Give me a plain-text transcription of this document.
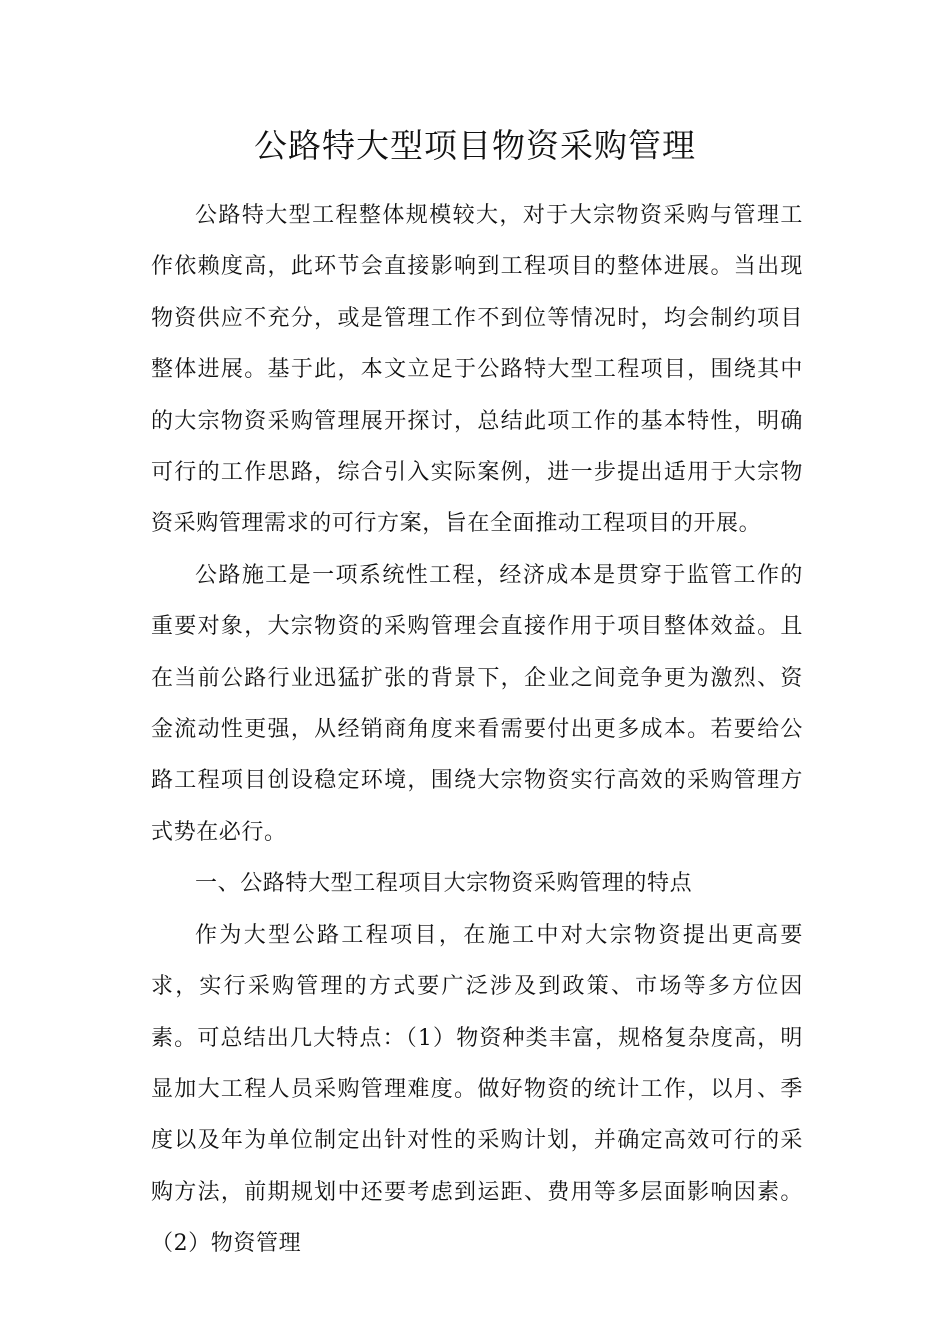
公路特大型项目物资采购管理

公路特大型工程整体规模较大，对于大宗物资采购与管理工作依赖度高，此环节会直接影响到工程项目的整体进展。当出现物资供应不充分，或是管理工作不到位等情况时，均会制约项目整体进展。基于此，本文立足于公路特大型工程项目，围绕其中的大宗物资采购管理展开探讨，总结此项工作的基本特性，明确可行的工作思路，综合引入实际案例，进一步提出适用于大宗物资采购管理需求的可行方案，旨在全面推动工程项目的开展。

公路施工是一项系统性工程，经济成本是贯穿于监管工作的重要对象，大宗物资的采购管理会直接作用于项目整体效益。且在当前公路行业迅猛扩张的背景下，企业之间竞争更为激烈、资金流动性更强，从经销商角度来看需要付出更多成本。若要给公路工程项目创设稳定环境，围绕大宗物资实行高效的采购管理方式势在必行。

一、公路特大型工程项目大宗物资采购管理的特点

作为大型公路工程项目，在施工中对大宗物资提出更高要求，实行采购管理的方式要广泛涉及到政策、市场等多方位因素。可总结出几大特点：（1）物资种类丰富，规格复杂度高，明显加大工程人员采购管理难度。做好物资的统计工作，以月、季度以及年为单位制定出针对性的采购计划，并确定高效可行的采购方法，前期规划中还要考虑到运距、费用等多层面影响因素。（2）物资管理
